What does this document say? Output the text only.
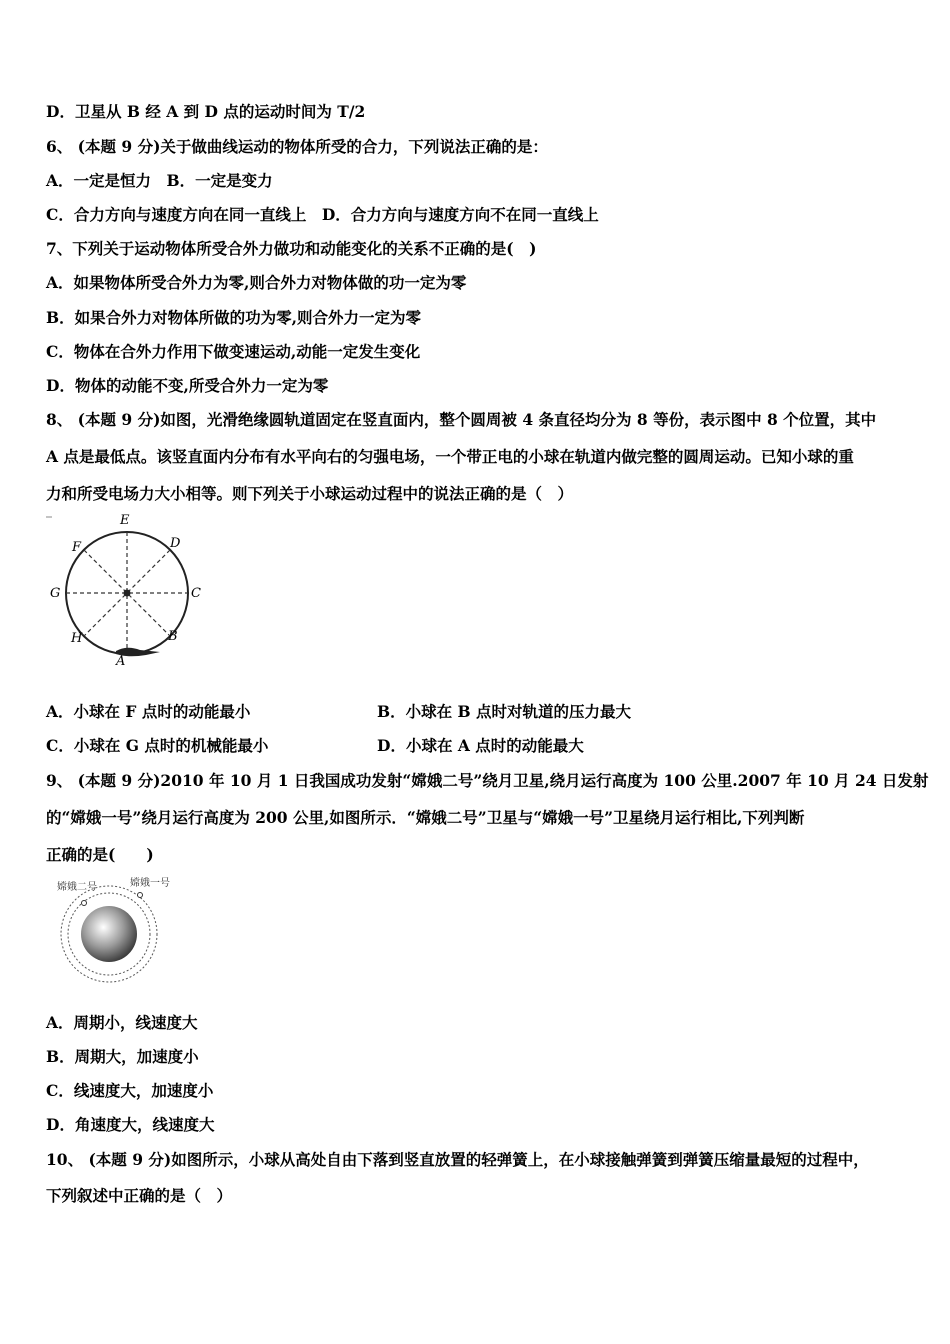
D．卫星从 B 经 A 到 D 点的运动时间为 T/2
6、 (本题 9 分)关于做曲线运动的物体所受的合力，下列说法正确的是：
A．一定是恒力　B．一定是变力
C．合力方向与速度方向在同一直线上　D．合力方向与速度方向不在同一直线上
7、下列关于运动物体所受合外力做功和动能变化的关系不正确的是(　)
A．如果物体所受合外力为零,则合外力对物体做的功一定为零
B．如果合外力对物体所做的功为零,则合外力一定为零
C．物体在合外力作用下做变速运动,动能一定发生变化
D．物体的动能不变,所受合外力一定为零
8、 (本题 9 分)如图，光滑绝缘圆轨道固定在竖直面内，整个圆周被 4 条直径均分为 8 等份，表示图中 8 个位置，其中
A 点是最低点。该竖直面内分布有水平向右的匀强电场，一个带正电的小球在轨道内做完整的圆周运动。已知小球的重
力和所受电场力大小相等。则下列关于小球运动过程中的说法正确的是（　）
E
D
F
G	C
H	B
A
A．小球在 F 点时的动能最小	B．小球在 B 点时对轨道的压力最大
C．小球在 G 点时的机械能最小	D．小球在 A 点时的动能最大
9、 (本题 9 分)2010 年 10 月 1 日我国成功发射“嫦娥二号”绕月卫星,绕月运行高度为 100 公里.2007 年 10 月 24 日发射
的“嫦娥一号”绕月运行高度为 200 公里,如图所示．“嫦娥二号”卫星与“嫦娥一号”卫星绕月运行相比,下列判断
正确的是(　　)
嫦娥二号	嫦娥一号
A．周期小，线速度大
B．周期大，加速度小
C．线速度大，加速度小
D．角速度大，线速度大
10、 (本题 9 分)如图所示，小球从高处自由下落到竖直放置的轻弹簧上，在小球接触弹簧到弹簧压缩量最短的过程中，
下列叙述中正确的是（　）
